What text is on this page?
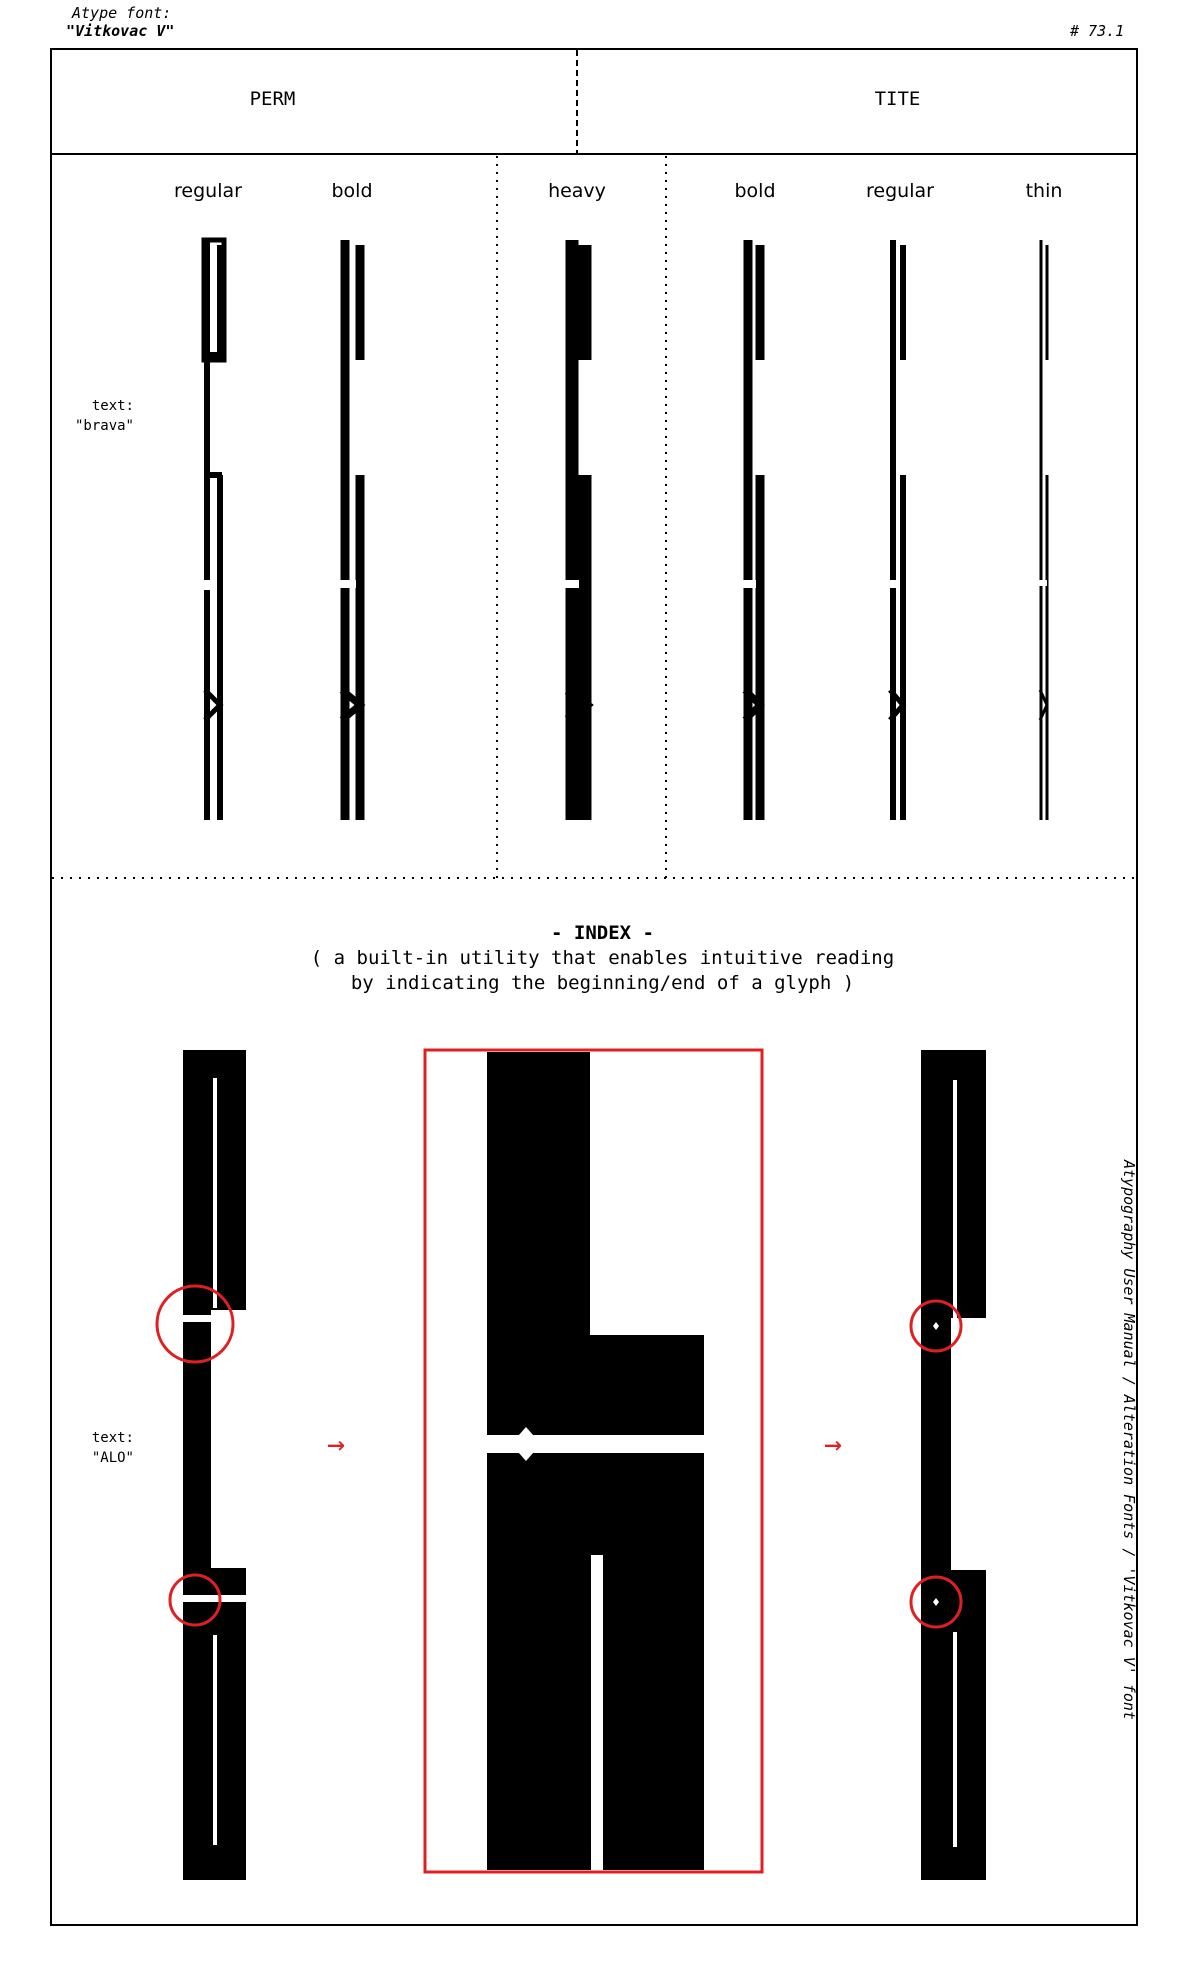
Atype font:
"Vitkovac V"	# 73.1
PERM	TITE
regular	bold	heavy	bold	regular	thin
text:
"brava"
- INDEX -
( a built-in utility that enables intuitive reading
by indicating the beginning/end of a glyph )
text:
"ALO"	→	→	Atypography User Manual / Alteration Fonts / 'Vitkovac V' font
